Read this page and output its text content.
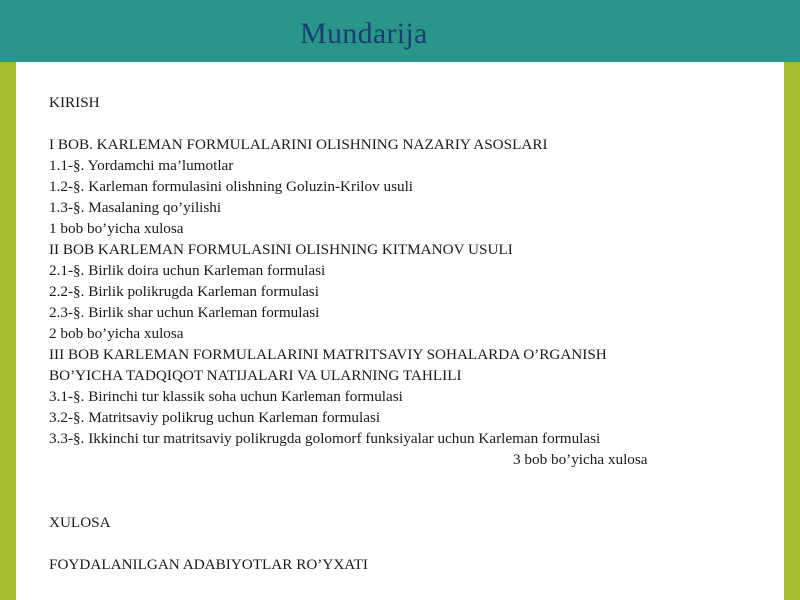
Mundarija
KIRISH
I BOB. KARLEMAN FORMULALARINI OLISHNING NAZARIY ASOSLARI
1.1-§. Yordamchi ma’lumotlar
1.2-§. Karleman formulasini olishning Goluzin-Krilov usuli
1.3-§. Masalaning qo’yilishi
1 bob bo’yicha xulosa
II BOB KARLEMAN FORMULASINI OLISHNING KITMANOV USULI
2.1-§. Birlik doira uchun Karleman formulasi
2.2-§. Birlik polikrugda Karleman formulasi
2.3-§. Birlik shar uchun Karleman formulasi
2 bob bo’yicha xulosa
III BOB KARLEMAN FORMULALARINI MATRITSAVIY SOHALARDA O’RGANISH
BO’YICHA TADQIQOT NATIJALARI VA ULARNING TAHLILI
3.1-§. Birinchi tur klassik soha uchun Karleman formulasi
3.2-§. Matritsaviy polikrug uchun Karleman formulasi
3.3-§. Ikkinchi tur matritsaviy polikrugda golomorf funksiyalar uchun Karleman formulasi
3 bob bo’yicha xulosa
XULOSA
FOYDALANILGAN ADABIYOTLAR RO’YXATI
